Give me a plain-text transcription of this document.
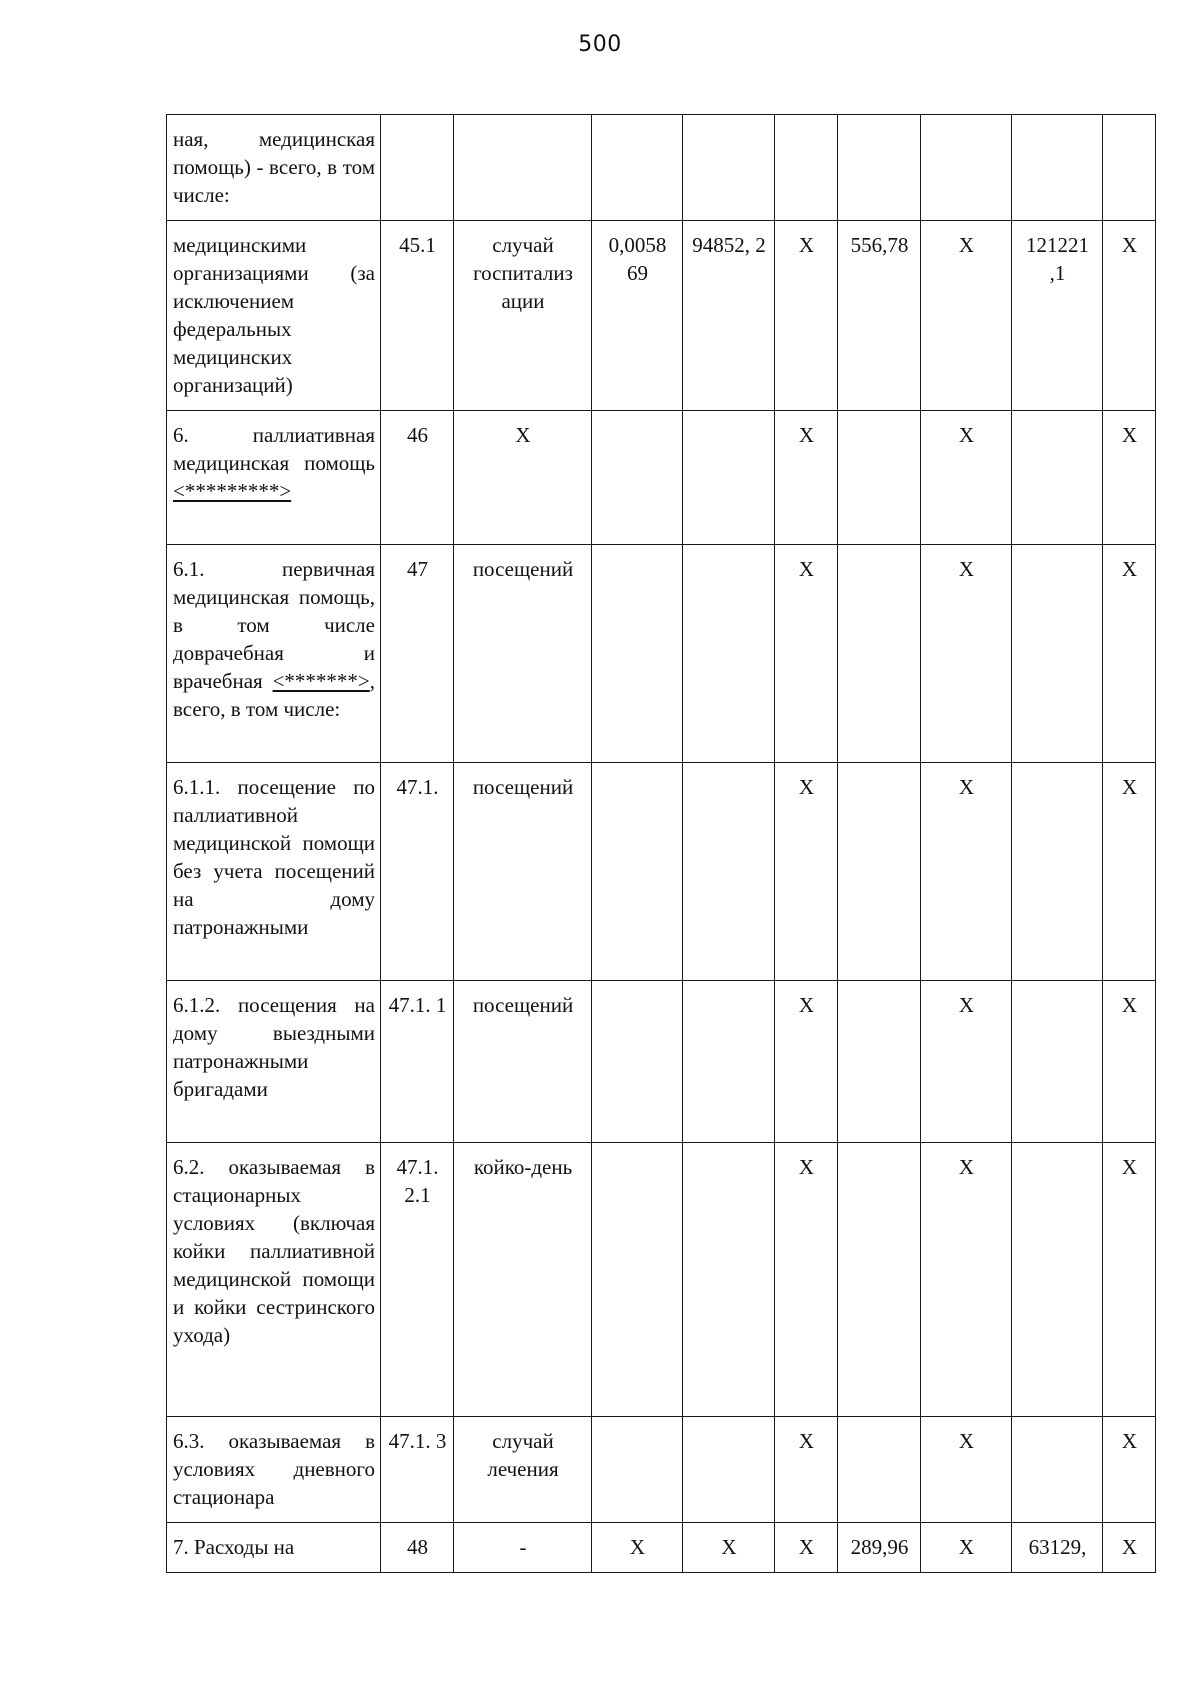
500
ная, медицинская помощь) - всего, в том числе:									
медицинскими организациями (за исключением федеральных медицинских организаций)	45.1	случай госпитализ ации	0,0058 69	94852, 2	X	556,78	X	121221 ,1	X
6. паллиативная медицинская помощь <*********>	46	X			X		X		X
6.1. первичная медицинская помощь, в том числе доврачебная и врачебная <*******>, всего, в том числе:	47	посещений			X		X		X
6.1.1. посещение по паллиативной медицинской помощи без учета посещений на дому патронажными	47.1.	посещений			X		X		X
6.1.2. посещения на дому выездными патронажными бригадами	47.1. 1	посещений			X		X		X
6.2. оказываемая в стационарных условиях (включая койки паллиативной медицинской помощи и койки сестринского ухода)	47.1. 2.1	койко-день			X		X		X
6.3. оказываемая в условиях дневного стационара	47.1. 3	случай лечения			X		X		X
7. Расходы на	48	-	X	X	X	289,96	X	63129,	X
